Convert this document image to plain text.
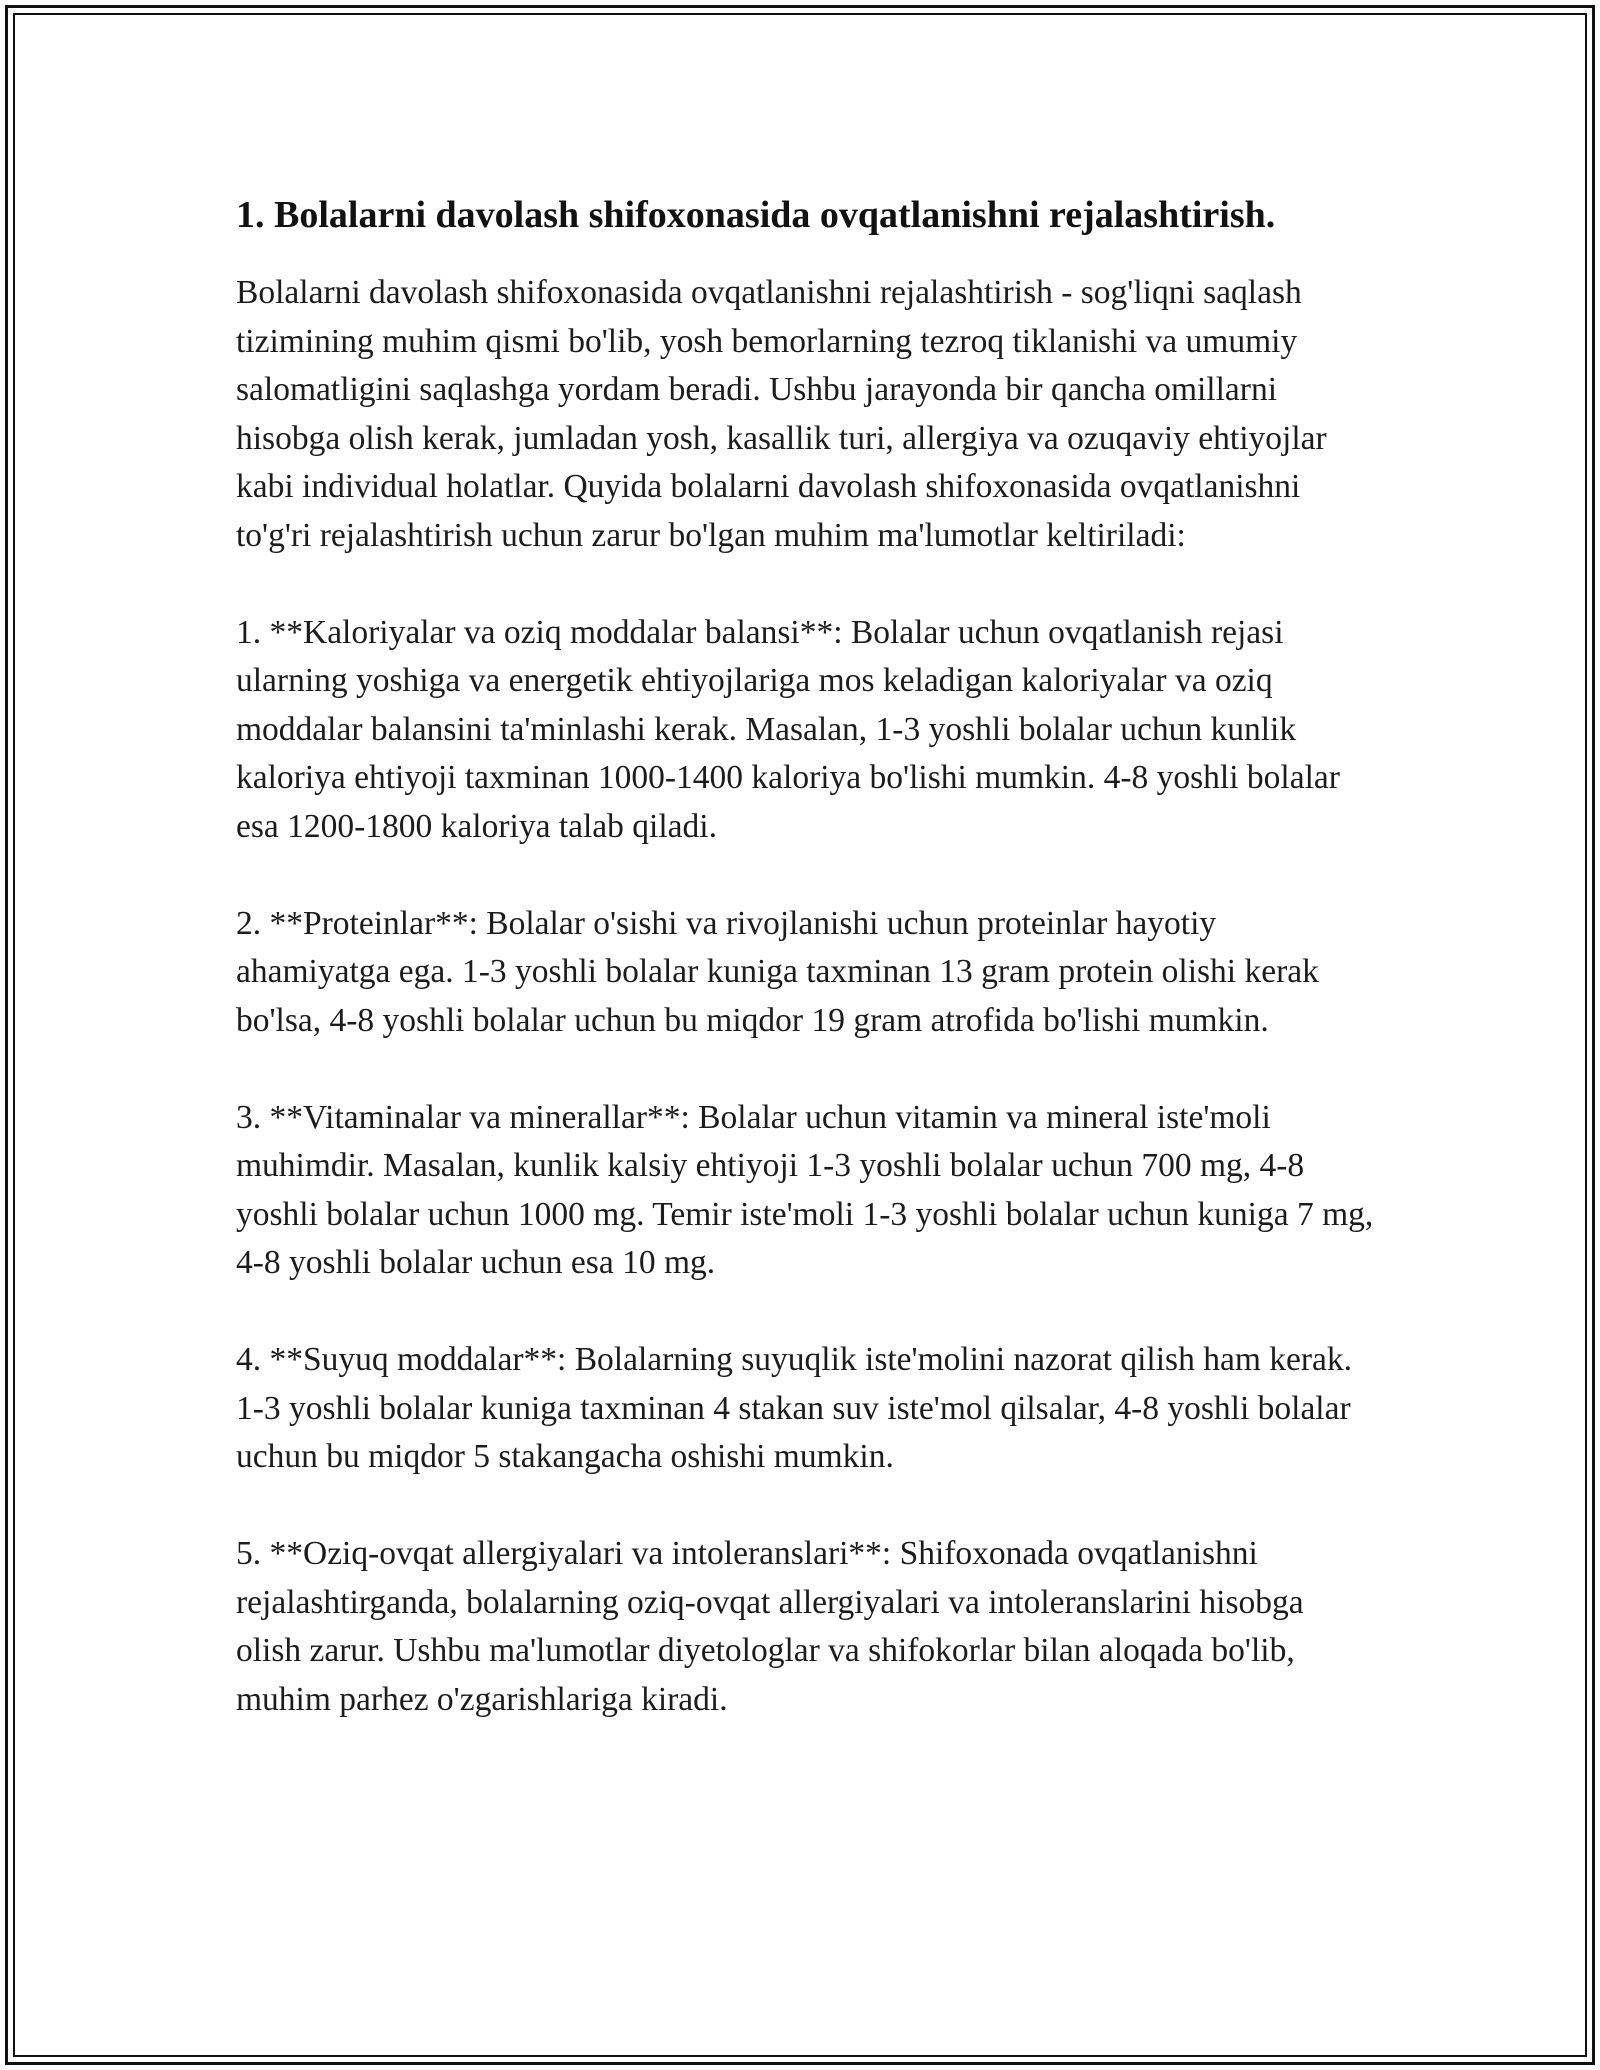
1. Bolalarni davolash shifoxonasida ovqatlanishni rejalashtirish.

Bolalarni davolash shifoxonasida ovqatlanishni rejalashtirish - sog'liqni saqlash tizimining muhim qismi bo'lib, yosh bemorlarning tezroq tiklanishi va umumiy salomatligini saqlashga yordam beradi. Ushbu jarayonda bir qancha omillarni hisobga olish kerak, jumladan yosh, kasallik turi, allergiya va ozuqaviy ehtiyojlar kabi individual holatlar. Quyida bolalarni davolash shifoxonasida ovqatlanishni to'g'ri rejalashtirish uchun zarur bo'lgan muhim ma'lumotlar keltiriladi:

1. **Kaloriyalar va oziq moddalar balansi**: Bolalar uchun ovqatlanish rejasi ularning yoshiga va energetik ehtiyojlariga mos keladigan kaloriyalar va oziq moddalar balansini ta'minlashi kerak. Masalan, 1-3 yoshli bolalar uchun kunlik kaloriya ehtiyoji taxminan 1000-1400 kaloriya bo'lishi mumkin. 4-8 yoshli bolalar esa 1200-1800 kaloriya talab qiladi.

2. **Proteinlar**: Bolalar o'sishi va rivojlanishi uchun proteinlar hayotiy ahamiyatga ega. 1-3 yoshli bolalar kuniga taxminan 13 gram protein olishi kerak bo'lsa, 4-8 yoshli bolalar uchun bu miqdor 19 gram atrofida bo'lishi mumkin.

3. **Vitaminalar va minerallar**: Bolalar uchun vitamin va mineral iste'moli muhimdir. Masalan, kunlik kalsiy ehtiyoji 1-3 yoshli bolalar uchun 700 mg, 4-8 yoshli bolalar uchun 1000 mg. Temir iste'moli 1-3 yoshli bolalar uchun kuniga 7 mg, 4-8 yoshli bolalar uchun esa 10 mg.

4. **Suyuq moddalar**: Bolalarning suyuqlik iste'molini nazorat qilish ham kerak. 1-3 yoshli bolalar kuniga taxminan 4 stakan suv iste'mol qilsalar, 4-8 yoshli bolalar uchun bu miqdor 5 stakangacha oshishi mumkin.

5. **Oziq-ovqat allergiyalari va intoleranslari**: Shifoxonada ovqatlanishni rejalashtirganda, bolalarning oziq-ovqat allergiyalari va intoleranslarini hisobga olish zarur. Ushbu ma'lumotlar diyetologlar va shifokorlar bilan aloqada bo'lib, muhim parhez o'zgarishlariga kiradi.
